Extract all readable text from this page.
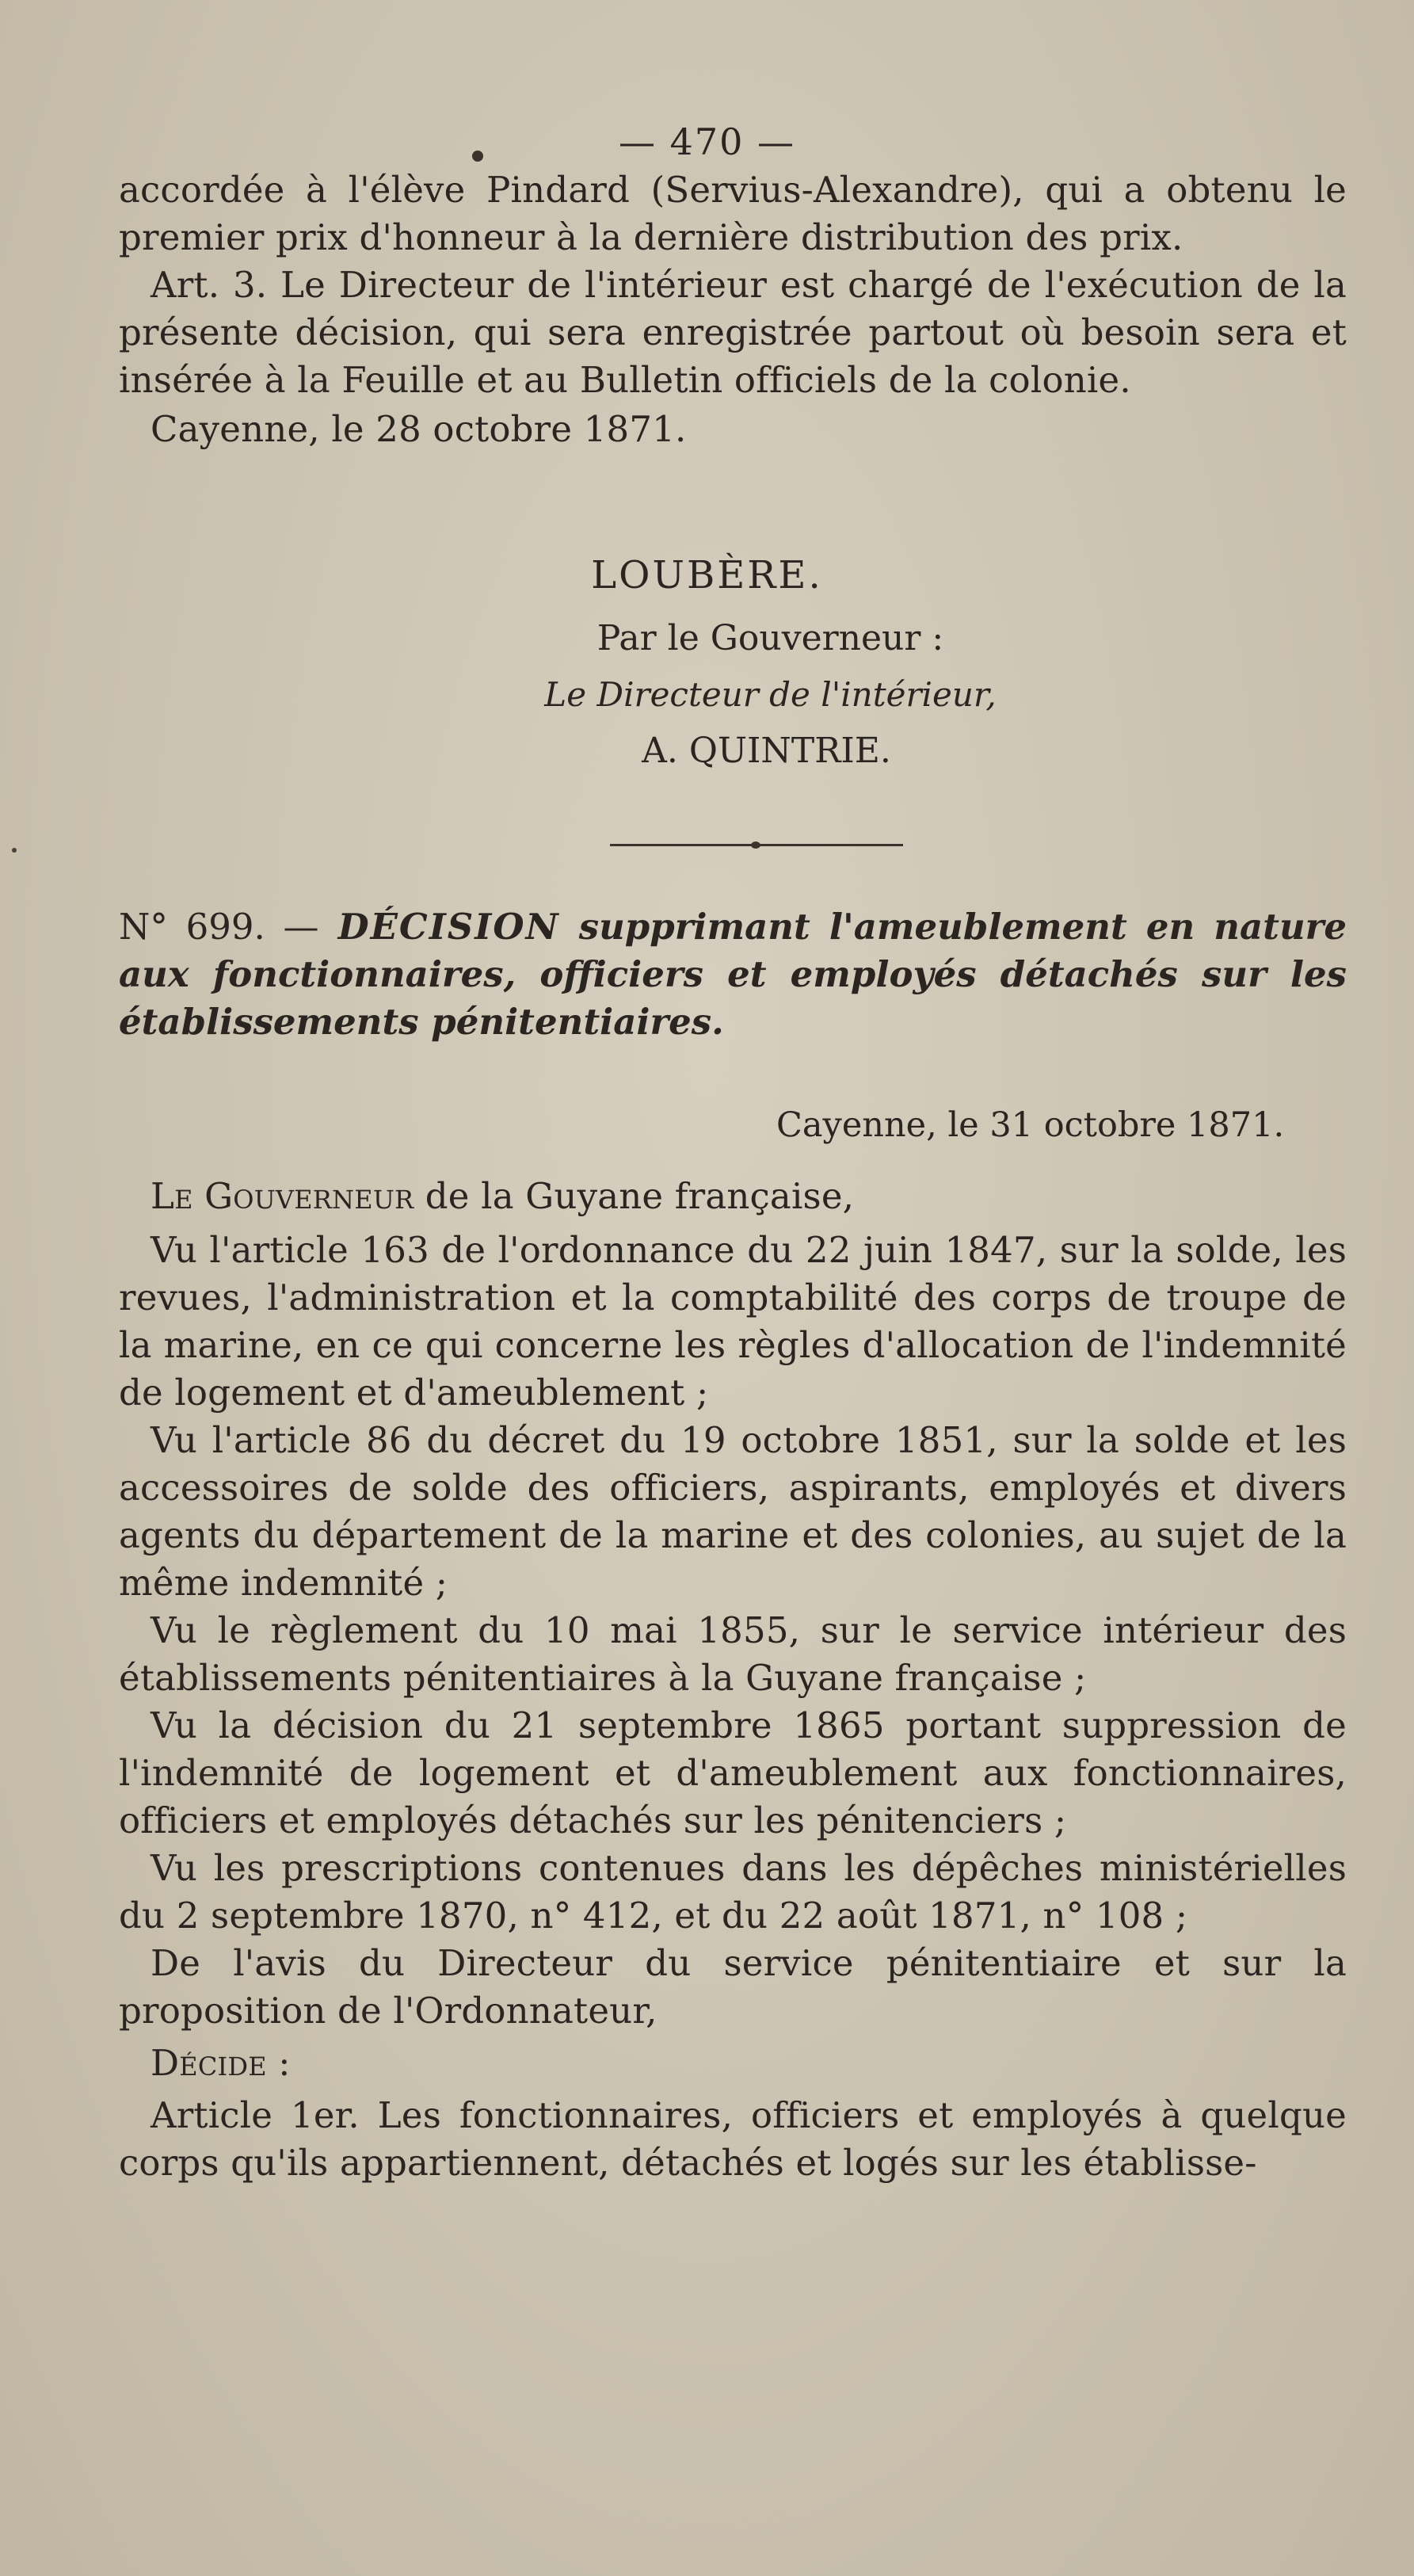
— 470 —

accordée à l'élève Pindard (Servius-Alexandre), qui a obtenu le premier prix d'honneur à la dernière distribution des prix.

Art. 3. Le Directeur de l'intérieur est chargé de l'exécution de la présente décision, qui sera enregistrée partout où besoin sera et insérée à la Feuille et au Bulletin officiels de la colonie.

Cayenne, le 28 octobre 1871.

LOUBÈRE.
Par le Gouverneur :
Le Directeur de l'intérieur,
A. QUINTRIE.
N° 699. — DÉCISION supprimant l'ameublement en nature aux fonctionnaires, officiers et employés détachés sur les établissements pénitentiaires.
Cayenne, le 31 octobre 1871.

Le Gouverneur de la Guyane française,

Vu l'article 163 de l'ordonnance du 22 juin 1847, sur la solde, les revues, l'administration et la comptabilité des corps de troupe de la marine, en ce qui concerne les règles d'allocation de l'indemnité de logement et d'ameublement ;

Vu l'article 86 du décret du 19 octobre 1851, sur la solde et les accessoires de solde des officiers, aspirants, employés et divers agents du département de la marine et des colonies, au sujet de la même indemnité ;

Vu le règlement du 10 mai 1855, sur le service intérieur des établissements pénitentiaires à la Guyane française ;

Vu la décision du 21 septembre 1865 portant suppression de l'indemnité de logement et d'ameublement aux fonctionnaires, officiers et employés détachés sur les pénitenciers ;

Vu les prescriptions contenues dans les dépêches ministérielles du 2 septembre 1870, n° 412, et du 22 août 1871, n° 108 ;

De l'avis du Directeur du service pénitentiaire et sur la proposition de l'Ordonnateur,

Décide :

Article 1er. Les fonctionnaires, officiers et employés à quelque corps qu'ils appartiennent, détachés et logés sur les établisse-
